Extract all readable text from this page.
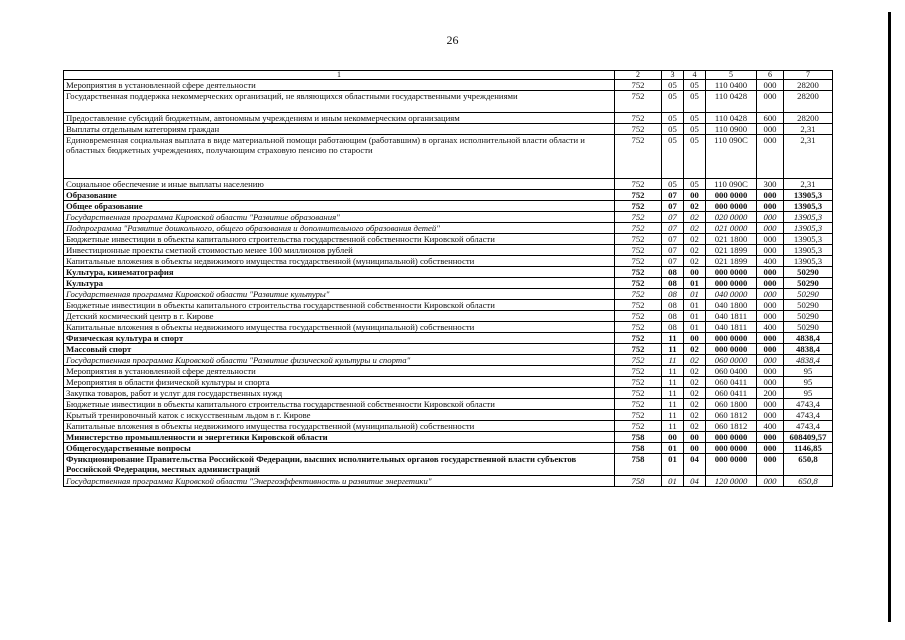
26
1	2	3	4	5	6	7
Мероприятия в установленной сфере деятельности	752	05	05	110 0400	000	28200
Государственная поддержка некоммерческих организаций, не являющихся областными государственными учреждениями	752	05	05	110 0428	000	28200
Предоставление субсидий бюджетным, автономным учреждениям и иным некоммерческим организациям	752	05	05	110 0428	600	28200
Выплаты отдельным категориям граждан	752	05	05	110 0900	000	2,31
Единовременная социальная выплата в виде материальной помощи работающим (работавшим) в органах исполнительной власти области и областных бюджетных учреждениях, получающим страховую пенсию по старости	752	05	05	110 090С	000	2,31
Социальное обеспечение и иные выплаты населению	752	05	05	110 090С	300	2,31
Образование	752	07	00	000 0000	000	13905,3
Общее образование	752	07	02	000 0000	000	13905,3
Государственная программа Кировской области "Развитие образования"	752	07	02	020 0000	000	13905,3
Подпрограмма "Развитие дошкольного, общего образования и дополнительного образования детей"	752	07	02	021 0000	000	13905,3
Бюджетные инвестиции в объекты капитального строительства государственной собственности Кировской области	752	07	02	021 1800	000	13905,3
Инвестиционные проекты сметной стоимостью менее 100 миллионов рублей	752	07	02	021 1899	000	13905,3
Капитальные вложения в объекты недвижимого имущества государственной (муниципальной) собственности	752	07	02	021 1899	400	13905,3
Культура, кинематография	752	08	00	000 0000	000	50290
Культура	752	08	01	000 0000	000	50290
Государственная программа Кировской области "Развитие культуры"	752	08	01	040 0000	000	50290
Бюджетные инвестиции в объекты капитального строительства государственной собственности Кировской области	752	08	01	040 1800	000	50290
Детский космический центр в г. Кирове	752	08	01	040 1811	000	50290
Капитальные вложения в объекты недвижимого имущества государственной (муниципальной) собственности	752	08	01	040 1811	400	50290
Физическая культура и спорт	752	11	00	000 0000	000	4838,4
Массовый спорт	752	11	02	000 0000	000	4838,4
Государственная программа Кировской области "Развитие физической культуры и спорта"	752	11	02	060 0000	000	4838,4
Мероприятия в установленной сфере деятельности	752	11	02	060 0400	000	95
Мероприятия в области физической культуры и спорта	752	11	02	060 0411	000	95
Закупка товаров, работ и услуг для государственных нужд	752	11	02	060 0411	200	95
Бюджетные инвестиции в объекты капитального строительства государственной собственности Кировской области	752	11	02	060 1800	000	4743,4
Крытый тренировочный каток с искусственным льдом в г. Кирове	752	11	02	060 1812	000	4743,4
Капитальные вложения в объекты недвижимого имущества государственной (муниципальной) собственности	752	11	02	060 1812	400	4743,4
Министерство промышленности и энергетики Кировской области	758	00	00	000 0000	000	608409,57
Общегосударственные вопросы	758	01	00	000 0000	000	1146,85
Функционирование Правительства Российской Федерации, высших исполнительных органов государственной власти субъектов Российской Федерации, местных администраций	758	01	04	000 0000	000	650,8
Государственная программа Кировской области "Энергоэффективность и развитие энергетики"	758	01	04	120 0000	000	650,8
